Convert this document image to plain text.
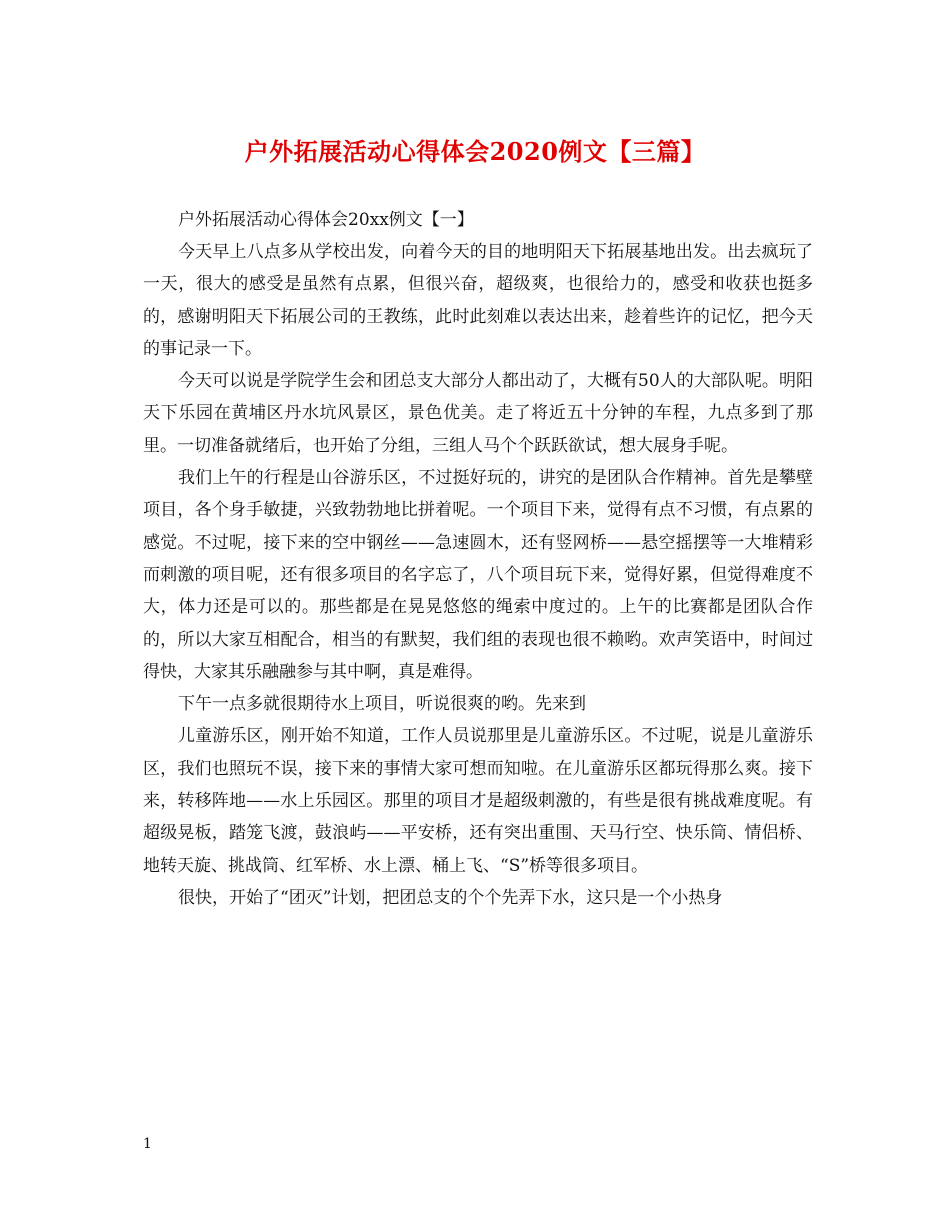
户外拓展活动心得体会2020例文【三篇】
户外拓展活动心得体会20xx例文【一】

今天早上八点多从学校出发，向着今天的目的地明阳天下拓展基地出发。出去疯玩了一天，很大的感受是虽然有点累，但很兴奋，超级爽，也很给力的，感受和收获也挺多的，感谢明阳天下拓展公司的王教练，此时此刻难以表达出来，趁着些许的记忆，把今天的事记录一下。

今天可以说是学院学生会和团总支大部分人都出动了，大概有50人的大部队呢。明阳天下乐园在黄埔区丹水坑风景区，景色优美。走了将近五十分钟的车程，九点多到了那里。一切准备就绪后，也开始了分组，三组人马个个跃跃欲试，想大展身手呢。

我们上午的行程是山谷游乐区，不过挺好玩的，讲究的是团队合作精神。首先是攀壁项目，各个身手敏捷，兴致勃勃地比拼着呢。一个项目下来，觉得有点不习惯，有点累的感觉。不过呢，接下来的空中钢丝——急速圆木，还有竖网桥——悬空摇摆等一大堆精彩而刺激的项目呢，还有很多项目的名字忘了，八个项目玩下来，觉得好累，但觉得难度不大，体力还是可以的。那些都是在晃晃悠悠的绳索中度过的。上午的比赛都是团队合作的，所以大家互相配合，相当的有默契，我们组的表现也很不赖哟。欢声笑语中，时间过得快，大家其乐融融参与其中啊，真是难得。

下午一点多就很期待水上项目，听说很爽的哟。先来到

儿童游乐区，刚开始不知道，工作人员说那里是儿童游乐区。不过呢，说是儿童游乐区，我们也照玩不误，接下来的事情大家可想而知啦。在儿童游乐区都玩得那么爽。接下来，转移阵地——水上乐园区。那里的项目才是超级刺激的，有些是很有挑战难度呢。有超级晃板，踏笼飞渡，鼓浪屿——平安桥，还有突出重围、天马行空、快乐筒、情侣桥、地转天旋、挑战筒、红军桥、水上漂、桶上飞、“S”桥等很多项目。

很快，开始了“团灭”计划，把团总支的个个先弄下水，这只是一个小热身

1
